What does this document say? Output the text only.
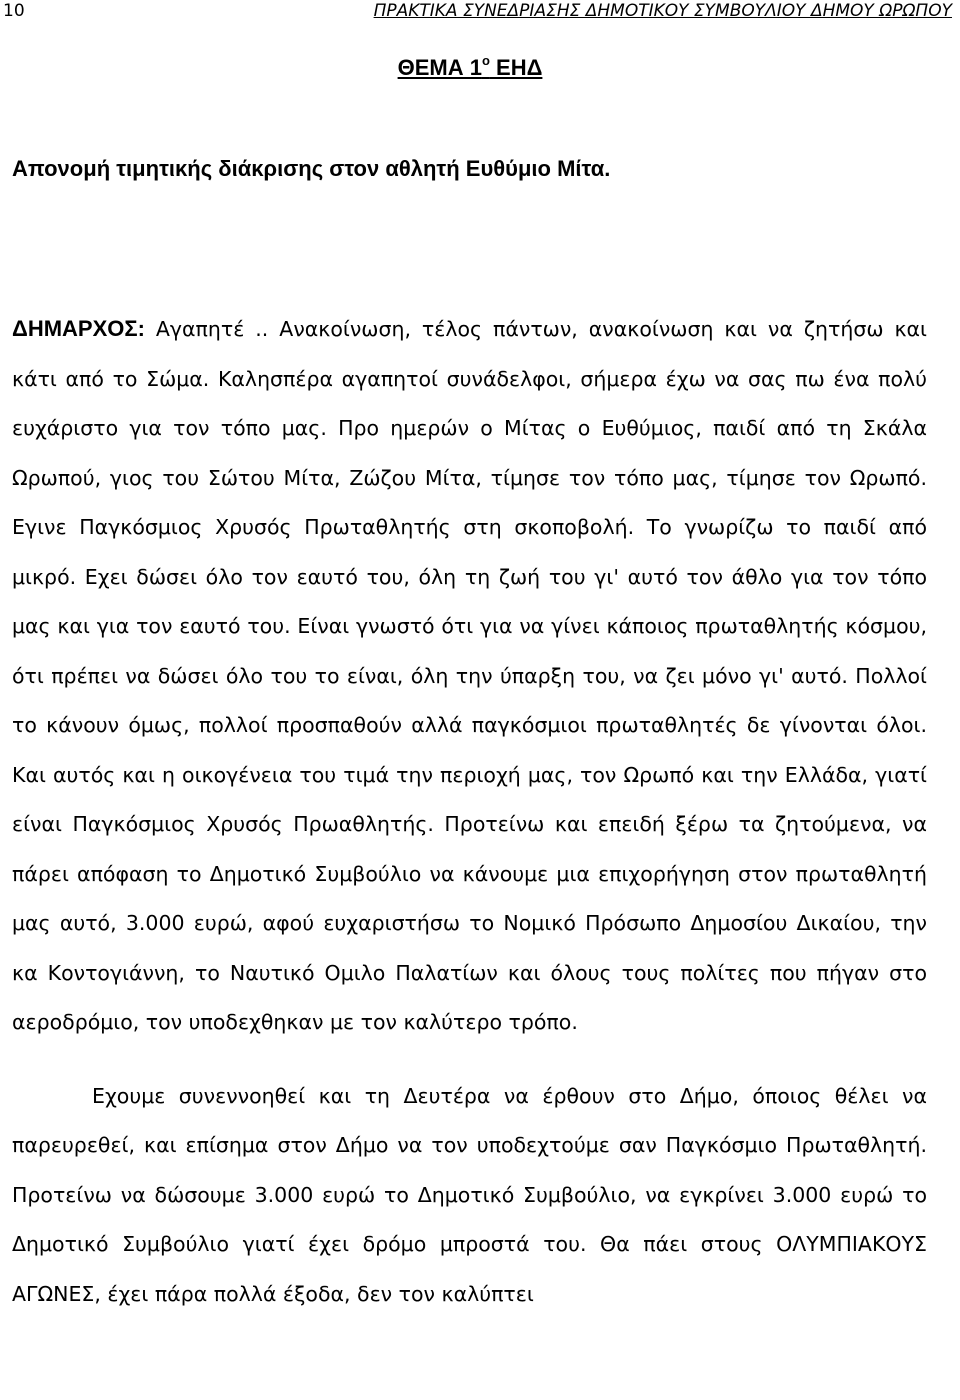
10	ΠΡΑΚΤΙΚΑ ΣΥΝΕΔΡΙΑΣΗΣ ΔΗΜΟΤΙΚΟΥ ΣΥΜΒΟΥΛΙΟΥ ΔΗΜΟΥ ΩΡΩΠΟΥ
ΘΕΜΑ $1^o$ ΕΗΔ
Απονομή τιμητικής διάκρισης στον αθλητή Ευθύμιο Μίτα.

ΔΗΜΑΡΧΟΣ: Αγαπητέ .. Ανακοίνωση, τέλος πάντων, ανακοίνωση και να ζητήσω και κάτι από το Σώμα. Καλησπέρα αγαπητοί συνάδελφοι, σήμερα έχω να σας πω ένα πολύ ευχάριστο για τον τόπο μας. Προ ημερών ο Μίτας ο Ευθύμιος, παιδί από τη Σκάλα Ωρωπού, γιος του Σώτου Μίτα, Ζώζου Μίτα, τίμησε τον τόπο μας, τίμησε τον Ωρωπό. Εγινε Παγκόσμιος Χρυσός Πρωταθλητής στη σκοποβολή. Το γνωρίζω το παιδί από μικρό. Εχει δώσει όλο τον εαυτό του, όλη τη ζωή του γι' αυτό τον άθλο για τον τόπο μας και για τον εαυτό του. Είναι γνωστό ότι για να γίνει κάποιος πρωταθλητής κόσμου, ότι πρέπει να δώσει όλο του το είναι, όλη την ύπαρξη του, να ζει μόνο γι' αυτό. Πολλοί το κάνουν όμως, πολλοί προσπαθούν αλλά παγκόσμιοι πρωταθλητές δε γίνονται όλοι. Και αυτός και η οικογένεια του τιμά την περιοχή μας, τον Ωρωπό και την Ελλάδα, γιατί είναι Παγκόσμιος Χρυσός Πρωαθλητής. Προτείνω και επειδή ξέρω τα ζητούμενα, να πάρει απόφαση το Δημοτικό Συμβούλιο να κάνουμε μια επιχορήγηση στον πρωταθλητή μας αυτό, 3.000 ευρώ, αφού ευχαριστήσω το Νομικό Πρόσωπο Δημοσίου Δικαίου, την κα Κοντογιάννη, το Ναυτικό Ομιλο Παλατίων και όλους τους πολίτες που πήγαν στο αεροδρόμιο, τον υποδεχθηκαν με τον καλύτερο τρόπο.

Εχουμε συνεννοηθεί και τη Δευτέρα να έρθουν στο Δήμο, όποιος θέλει να παρευρεθεί, και επίσημα στον Δήμο να τον υποδεχτούμε σαν Παγκόσμιο Πρωταθλητή. Προτείνω να δώσουμε 3.000 ευρώ το Δημοτικό Συμβούλιο, να εγκρίνει 3.000 ευρώ το Δημοτικό Συμβούλιο γιατί έχει δρόμο μπροστά του. Θα πάει στους ΟΛΥΜΠΙΑΚΟΥΣ ΑΓΩΝΕΣ, έχει πάρα πολλά έξοδα, δεν τον καλύπτει
